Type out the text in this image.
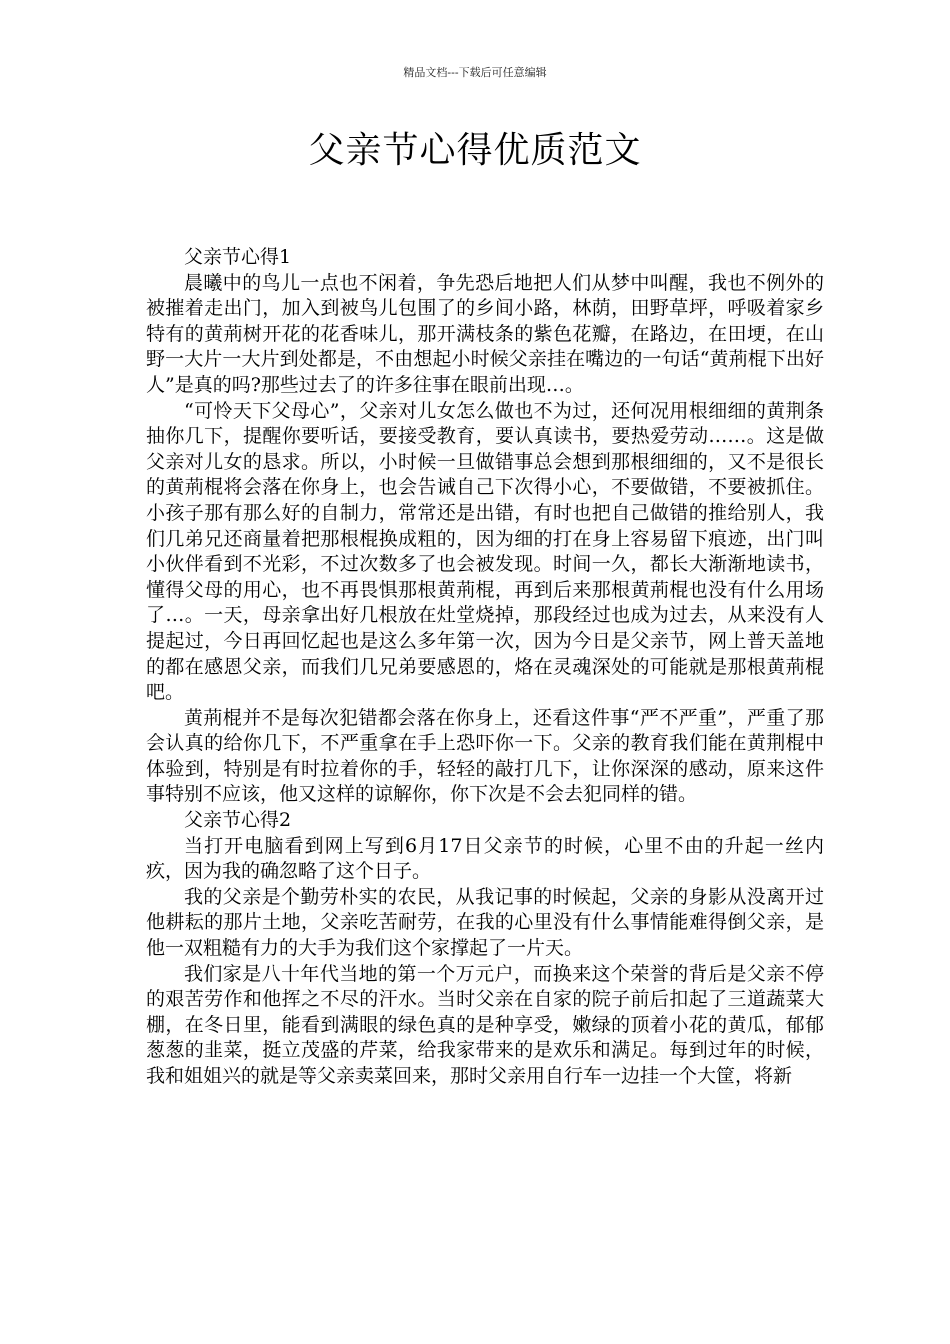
精品文档---下载后可任意编辑
父亲节心得优质范文

父亲节心得1

晨曦中的鸟儿一点也不闲着，争先恐后地把人们从梦中叫醒，我也不例外的被摧着走出门，加入到被鸟儿包围了的乡间小路，林荫，田野草坪，呼吸着家乡特有的黄荊树开花的花香味儿，那开满枝条的紫色花瓣，在路边，在田埂，在山野一大片一大片到处都是，不由想起小时候父亲挂在嘴边的一句话“黄荊棍下出好人”是真的吗?那些过去了的许多往事在眼前出现…。

“可怜天下父母心”，父亲对儿女怎么做也不为过，还何况用根细细的黄荆条抽你几下，提醒你要听话，要接受教育，要认真读书，要热爱劳动……。这是做父亲对儿女的恳求。所以，小时候一旦做错事总会想到那根细细的，又不是很长的黄荊棍将会落在你身上，也会告诫自己下次得小心，不要做错，不要被抓住。小孩子那有那么好的自制力，常常还是出错，有时也把自己做错的推给别人，我们几弟兄还商量着把那根棍换成粗的，因为细的打在身上容易留下痕迹，出门叫小伙伴看到不光彩，不过次数多了也会被发现。时间一久，都长大渐渐地读书，懂得父母的用心，也不再畏惧那根黄荊棍，再到后来那根黄荊棍也没有什么用场了…。一天，母亲拿出好几根放在灶堂烧掉，那段经过也成为过去，从来没有人提起过，今日再回忆起也是这么多年第一次，因为今日是父亲节，网上普天盖地的都在感恩父亲，而我们几兄弟要感恩的，烙在灵魂深处的可能就是那根黄荊棍吧。

黄荊棍并不是每次犯错都会落在你身上，还看这件事“严不严重”，严重了那会认真的给你几下，不严重拿在手上恐吓你一下。父亲的教育我们能在黄荆棍中体验到，特别是有时拉着你的手，轻轻的敲打几下，让你深深的感动，原来这件事特别不应该，他又这样的谅解你，你下次是不会去犯同样的错。

父亲节心得2

当打开电脑看到网上写到6月17日父亲节的时候，心里不由的升起一丝内疚，因为我的确忽略了这个日子。

我的父亲是个勤劳朴实的农民，从我记事的时候起，父亲的身影从没离开过他耕耘的那片土地，父亲吃苦耐劳，在我的心里没有什么事情能难得倒父亲，是他一双粗糙有力的大手为我们这个家撑起了一片天。

我们家是八十年代当地的第一个万元户，而换来这个荣誉的背后是父亲不停的艰苦劳作和他挥之不尽的汗水。当时父亲在自家的院子前后扣起了三道蔬菜大棚，在冬日里，能看到满眼的绿色真的是种享受，嫩绿的顶着小花的黄瓜，郁郁葱葱的韭菜，挺立茂盛的芹菜，给我家带来的是欢乐和满足。每到过年的时候，我和姐姐兴的就是等父亲卖菜回来，那时父亲用自行车一边挂一个大筐，将新
